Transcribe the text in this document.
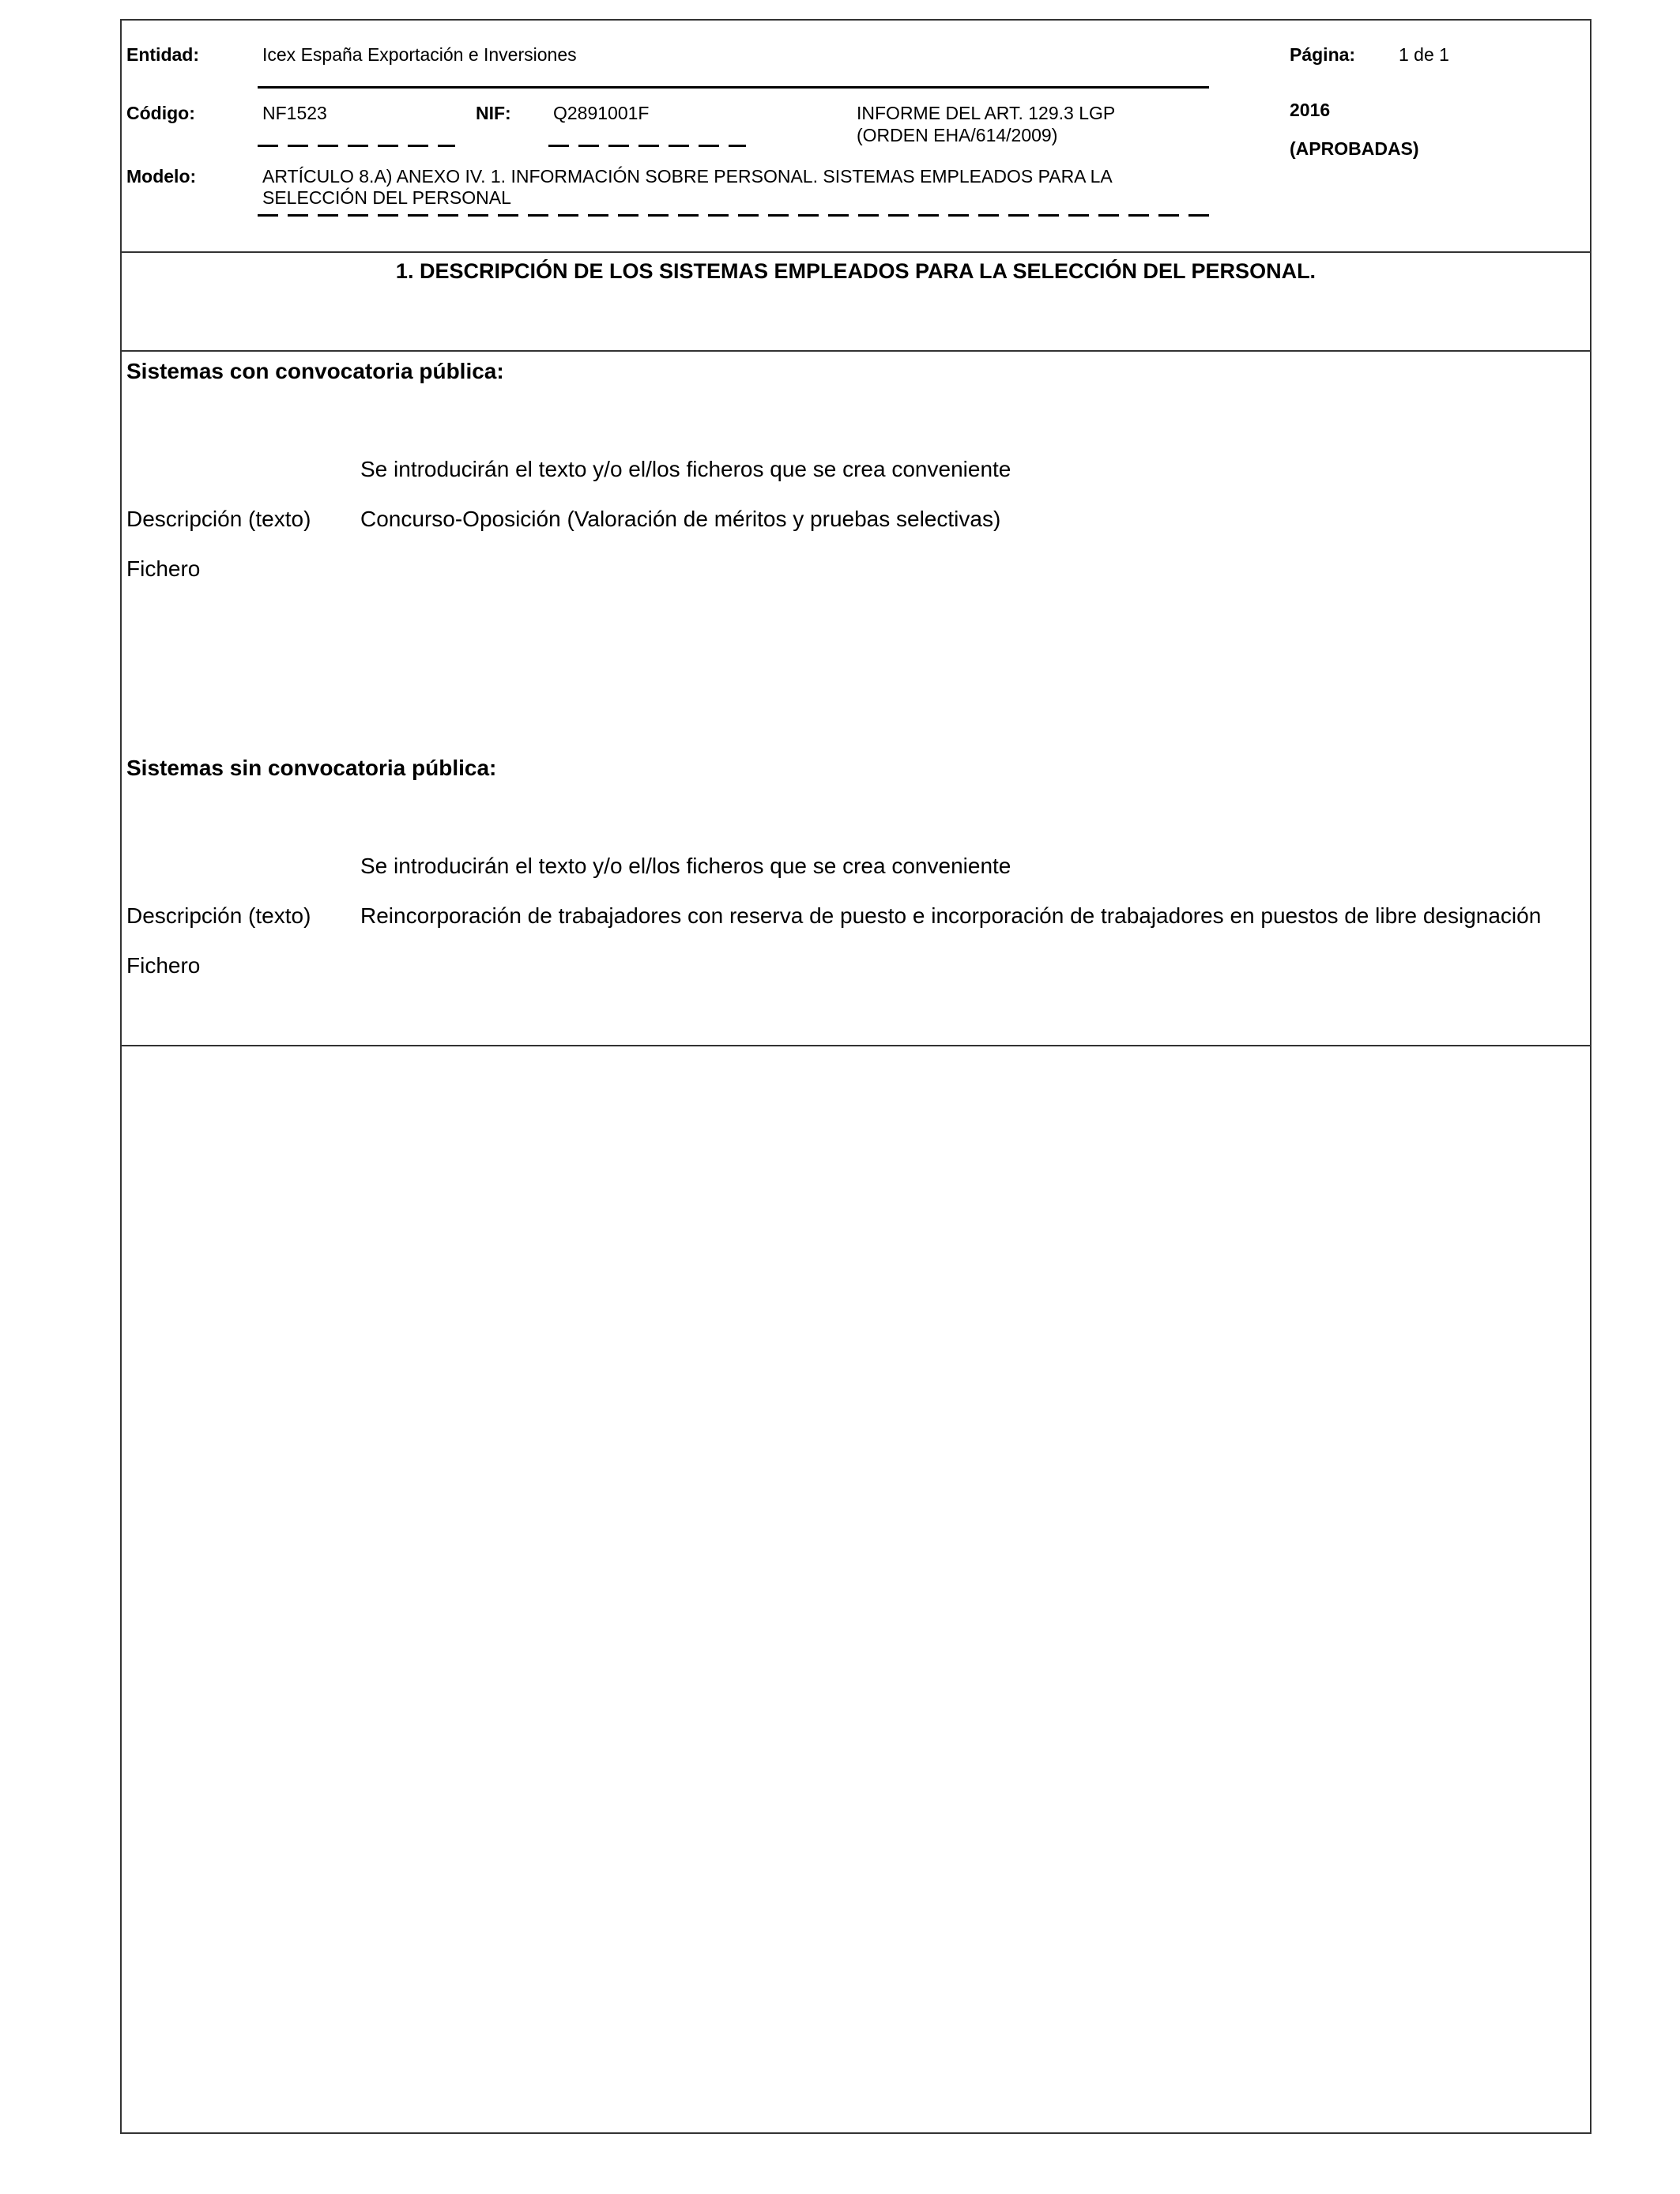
Entidad:	Icex España Exportación e Inversiones	Página: 1 de 1
Código:	NF1523	NIF: Q2891001F	INFORME DEL ART. 129.3 LGP
(ORDEN EHA/614/2009)
2016
(APROBADAS)
Modelo:	ARTÍCULO 8.A) ANEXO IV. 1. INFORMACIÓN SOBRE PERSONAL. SISTEMAS EMPLEADOS PARA LA
SELECCIÓN DEL PERSONAL
1. DESCRIPCIÓN DE LOS SISTEMAS EMPLEADOS PARA LA SELECCIÓN DEL PERSONAL.
Sistemas con convocatoria pública:
Se introducirán el texto y/o el/los ficheros que se crea conveniente
Descripción (texto) Concurso-Oposición (Valoración de méritos y pruebas selectivas)
Fichero
Sistemas sin convocatoria pública:
Se introducirán el texto y/o el/los ficheros que se crea conveniente
Descripción (texto) Reincorporación de trabajadores con reserva de puesto e incorporación de trabajadores en puestos de libre designación
Fichero
